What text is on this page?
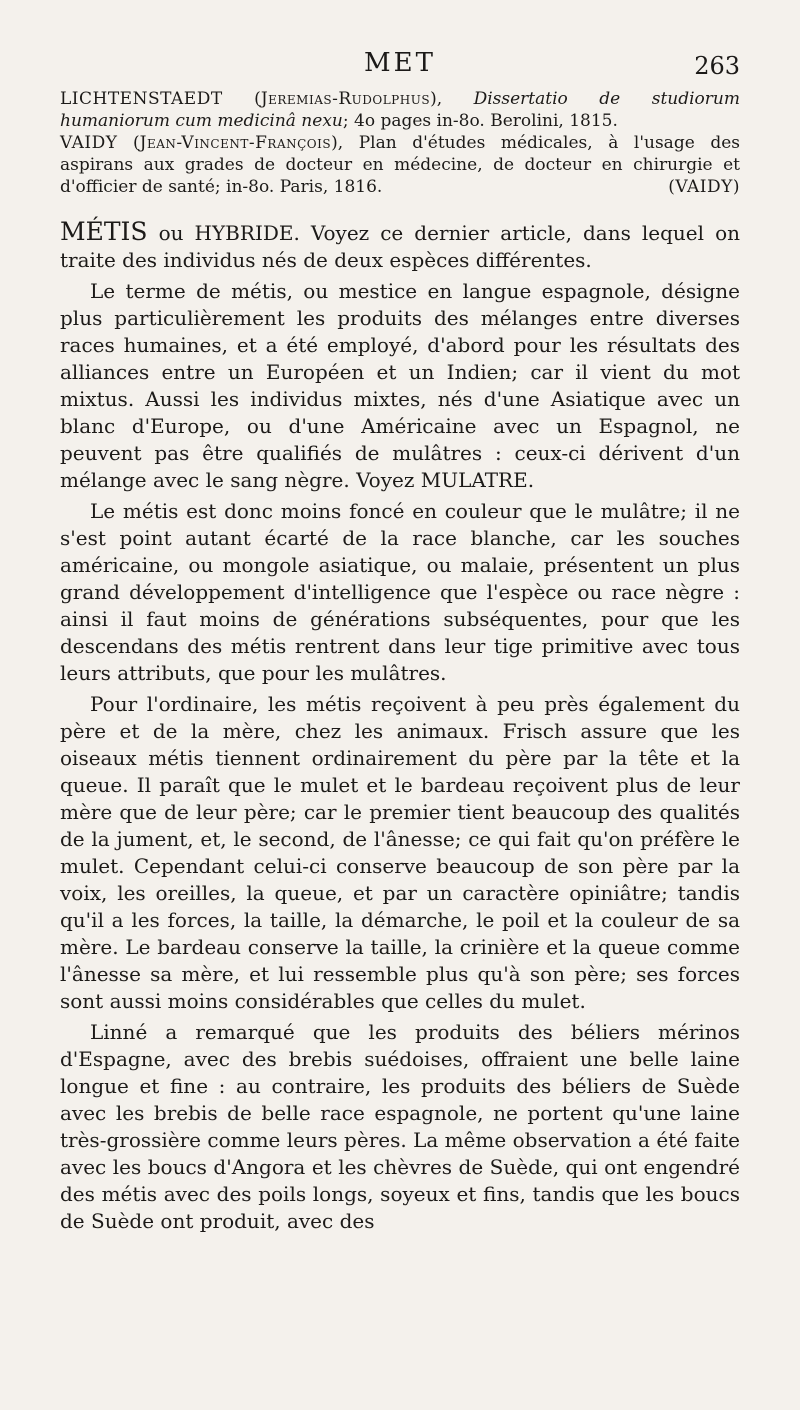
MET	263

LICHTENSTAEDT (Jeremias-Rudolphus), Dissertatio de studiorum humaniorum cum medicinâ nexu; 4o pages in-8o. Berolini, 1815.

VAIDY (Jean-Vincent-François), Plan d'études médicales, à l'usage des aspirans aux grades de docteur en médecine, de docteur en chirurgie et d'officier de santé; in-8o. Paris, 1816.	(VAIDY)

MÉTIS ou HYBRIDE. Voyez ce dernier article, dans lequel on traite des individus nés de deux espèces différentes.

Le terme de métis, ou mestice en langue espagnole, désigne plus particulièrement les produits des mélanges entre diverses races humaines, et a été employé, d'abord pour les résultats des alliances entre un Européen et un Indien; car il vient du mot mixtus. Aussi les individus mixtes, nés d'une Asiatique avec un blanc d'Europe, ou d'une Américaine avec un Espagnol, ne peuvent pas être qualifiés de mulâtres : ceux-ci dérivent d'un mélange avec le sang nègre. Voyez MULATRE.

Le métis est donc moins foncé en couleur que le mulâtre; il ne s'est point autant écarté de la race blanche, car les souches américaine, ou mongole asiatique, ou malaie, présentent un plus grand développement d'intelligence que l'espèce ou race nègre : ainsi il faut moins de générations subséquentes, pour que les descendans des métis rentrent dans leur tige primitive avec tous leurs attributs, que pour les mulâtres.

Pour l'ordinaire, les métis reçoivent à peu près également du père et de la mère, chez les animaux. Frisch assure que les oiseaux métis tiennent ordinairement du père par la tête et la queue. Il paraît que le mulet et le bardeau reçoivent plus de leur mère que de leur père; car le premier tient beaucoup des qualités de la jument, et, le second, de l'ânesse; ce qui fait qu'on préfère le mulet. Cependant celui-ci conserve beaucoup de son père par la voix, les oreilles, la queue, et par un caractère opiniâtre; tandis qu'il a les forces, la taille, la démarche, le poil et la couleur de sa mère. Le bardeau conserve la taille, la crinière et la queue comme l'ânesse sa mère, et lui ressemble plus qu'à son père; ses forces sont aussi moins considérables que celles du mulet.

Linné a remarqué que les produits des béliers mérinos d'Espagne, avec des brebis suédoises, offraient une belle laine longue et fine : au contraire, les produits des béliers de Suède avec les brebis de belle race espagnole, ne portent qu'une laine très-grossière comme leurs pères. La même observation a été faite avec les boucs d'Angora et les chèvres de Suède, qui ont engendré des métis avec des poils longs, soyeux et fins, tandis que les boucs de Suède ont produit, avec des
